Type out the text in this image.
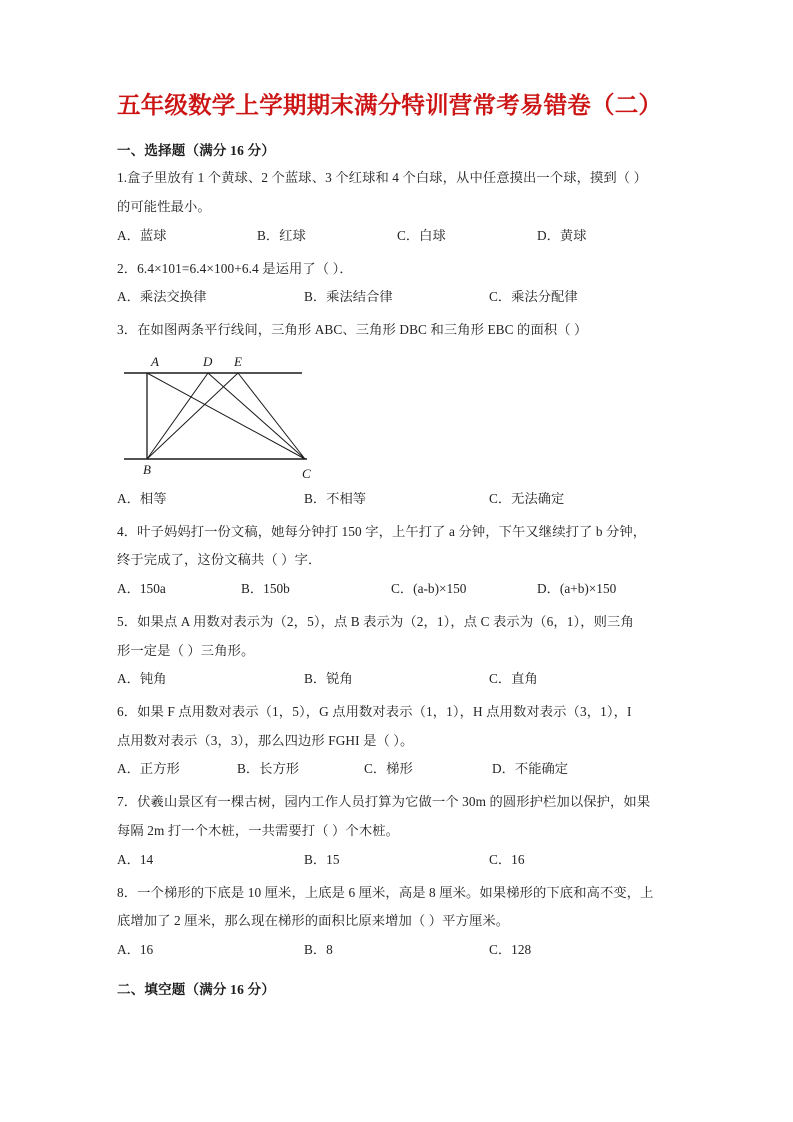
五年级数学上学期期末满分特训营常考易错卷（二）
一、选择题（满分 16 分）
1.盒子里放有 1 个黄球、2 个蓝球、3 个红球和 4 个白球，从中任意摸出一个球，摸到（ ）
的可能性最小。
A．蓝球	B．红球	C．白球	D．黄球
2．6.4×101=6.4×100+6.4 是运用了（ ）．
A．乘法交换律	B．乘法结合律	C．乘法分配律
3．在如图两条平行线间，三角形 ABC、三角形 DBC 和三角形 EBC 的面积（ ）
A	D E
B	C
A．相等	B．不相等	C．无法确定
4．叶子妈妈打一份文稿，她每分钟打 150 字，上午打了 a 分钟，下午又继续打了 b 分钟，
终于完成了，这份文稿共（ ）字．
A．150a	B．150b	C．(a-b)×150	D．(a+b)×150
5．如果点 A 用数对表示为（2，5），点 B 表示为（2，1），点 C 表示为（6，1），则三角
形一定是（ ）三角形。
A．钝角	B．锐角	C．直角
6．如果 F 点用数对表示（1，5），G 点用数对表示（1，1），H 点用数对表示（3，1），I
点用数对表示（3，3），那么四边形 FGHI 是（ ）。
A．正方形	B．长方形	C．梯形	D．不能确定
7．伏羲山景区有一棵古树，园内工作人员打算为它做一个 30m 的圆形护栏加以保护，如果
每隔 2m 打一个木桩，一共需要打（ ）个木桩。
A．14	B．15	C．16
8．一个梯形的下底是 10 厘米，上底是 6 厘米，高是 8 厘米。如果梯形的下底和高不变，上
底增加了 2 厘米，那么现在梯形的面积比原来增加（ ）平方厘米。
A．16	B．8	C．128
二、填空题（满分 16 分）
